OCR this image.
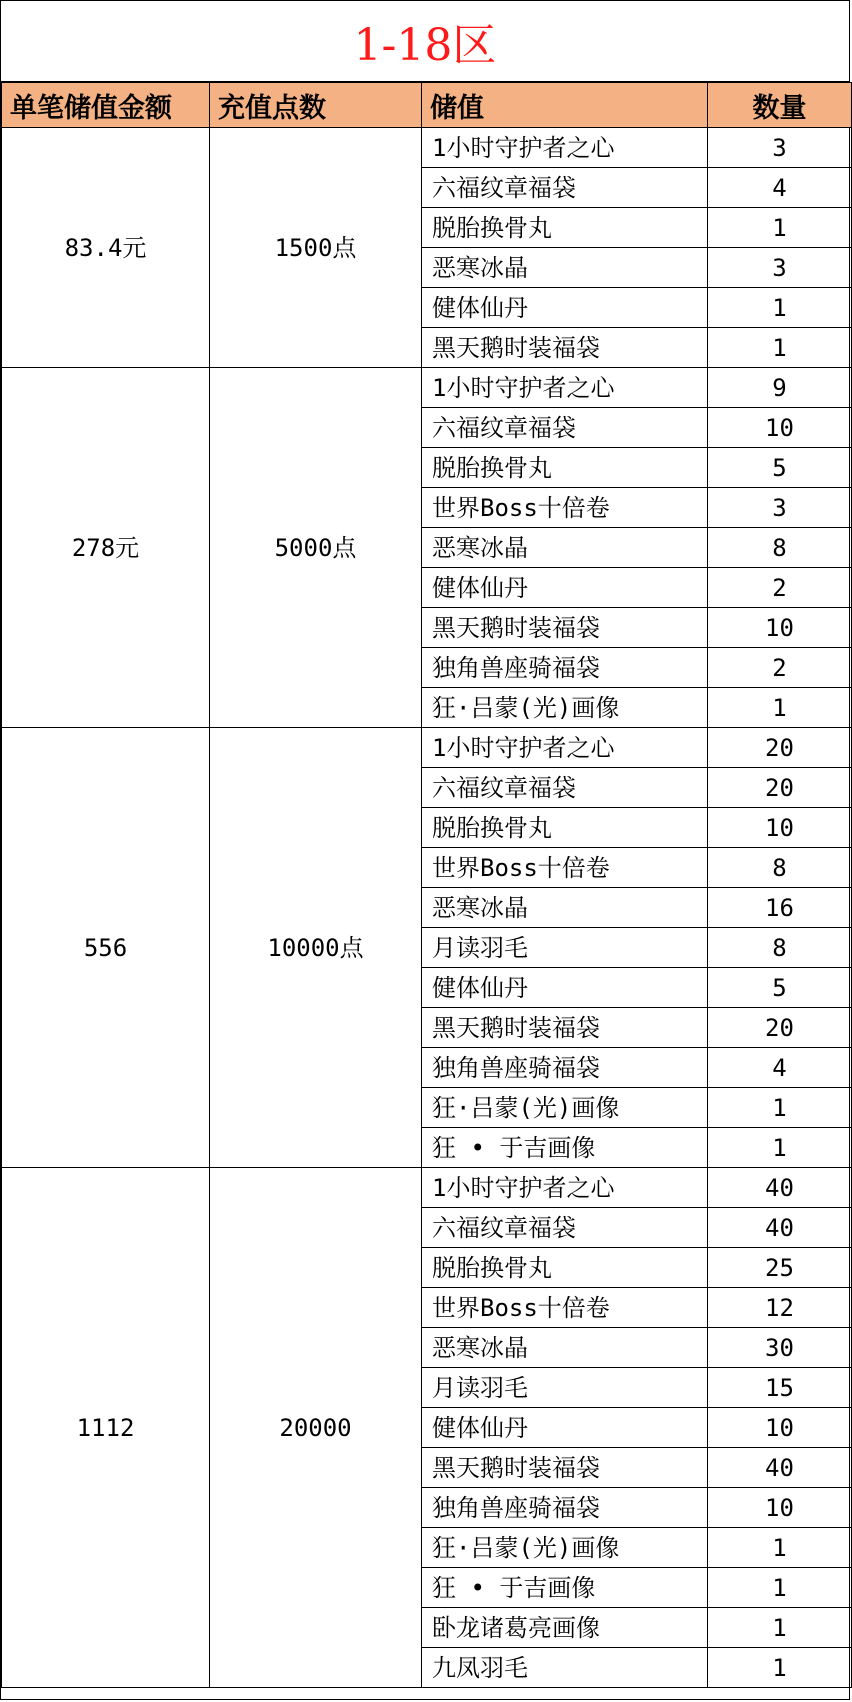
1-18区
单笔储值金额	充值点数	储值	数量
83.4元	1500点	1小时守护者之心	3
		六福纹章福袋	4
		脱胎换骨丸	1
		恶寒冰晶	3
		健体仙丹	1
		黑天鹅时装福袋	1
278元	5000点	1小时守护者之心	9
		六福纹章福袋	10
		脱胎换骨丸	5
		世界Boss十倍卷	3
		恶寒冰晶	8
		健体仙丹	2
		黑天鹅时装福袋	10
		独角兽座骑福袋	2
		狂·吕蒙(光)画像	1
556	10000点	1小时守护者之心	20
		六福纹章福袋	20
		脱胎换骨丸	10
		世界Boss十倍卷	8
		恶寒冰晶	16
		月读羽毛	8
		健体仙丹	5
		黑天鹅时装福袋	20
		独角兽座骑福袋	4
		狂·吕蒙(光)画像	1
		狂 • 于吉画像	1
1112	20000	1小时守护者之心	40
		六福纹章福袋	40
		脱胎换骨丸	25
		世界Boss十倍卷	12
		恶寒冰晶	30
		月读羽毛	15
		健体仙丹	10
		黑天鹅时装福袋	40
		独角兽座骑福袋	10
		狂·吕蒙(光)画像	1
		狂 • 于吉画像	1
		卧龙诸葛亮画像	1
		九凤羽毛	1
